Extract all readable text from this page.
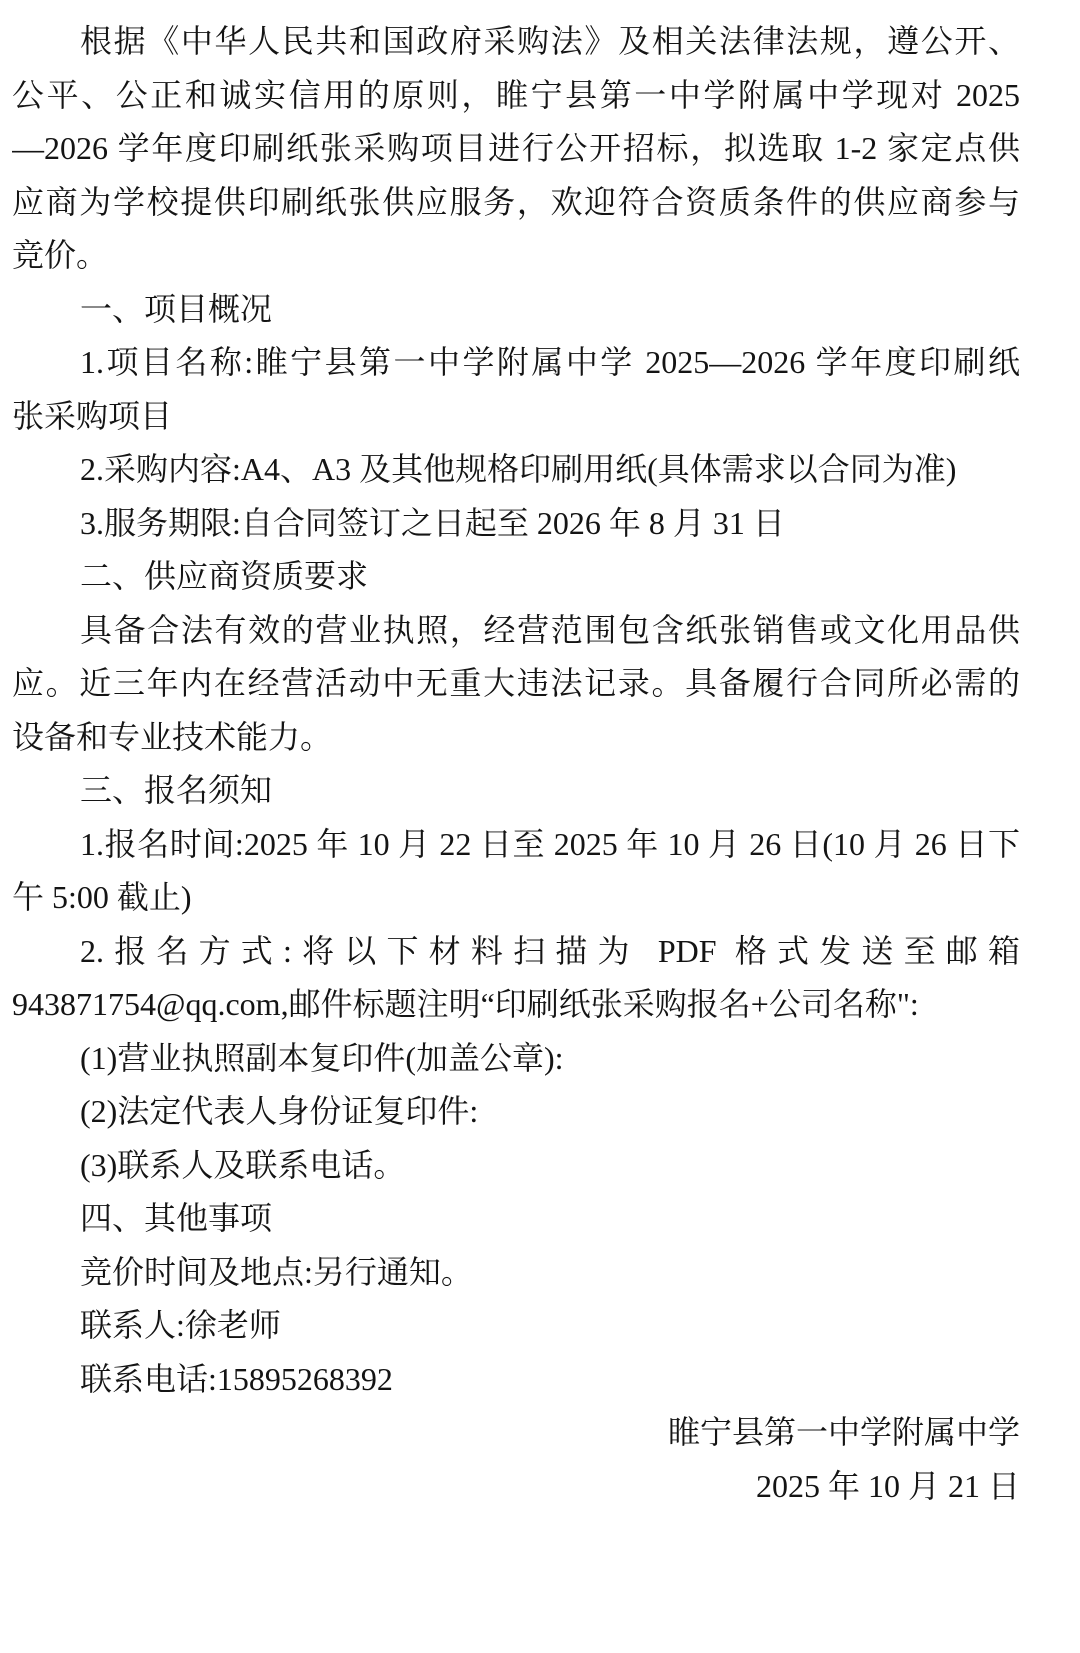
根据《中华人民共和国政府采购法》及相关法律法规，遵公开、
公平、公正和诚实信用的原则，睢宁县第一中学附属中学现对 2025
—2026 学年度印刷纸张采购项目进行公开招标，拟选取 1-2 家定点供
应商为学校提供印刷纸张供应服务，欢迎符合资质条件的供应商参与
竞价。
一、项目概况
1.项目名称:睢宁县第一中学附属中学 2025—2026 学年度印刷纸
张采购项目
2.采购内容:A4、A3 及其他规格印刷用纸(具体需求以合同为准)
3.服务期限:自合同签订之日起至 2026 年 8 月 31 日
二、供应商资质要求
具备合法有效的营业执照，经营范围包含纸张销售或文化用品供
应。近三年内在经营活动中无重大违法记录。具备履行合同所必需的
设备和专业技术能力。
三、报名须知
1.报名时间:2025 年 10 月 22 日至 2025 年 10 月 26 日(10 月 26 日下
午 5:00 截止)
2.报名方式:将以下材料扫描为 PDF 格式发送至邮箱
943871754@qq.com,邮件标题注明“印刷纸张采购报名+公司名称":
(1)营业执照副本复印件(加盖公章):
(2)法定代表人身份证复印件:
(3)联系人及联系电话。
四、其他事项
竞价时间及地点:另行通知。
联系人:徐老师
联系电话:15895268392
睢宁县第一中学附属中学
2025 年 10 月 21 日
